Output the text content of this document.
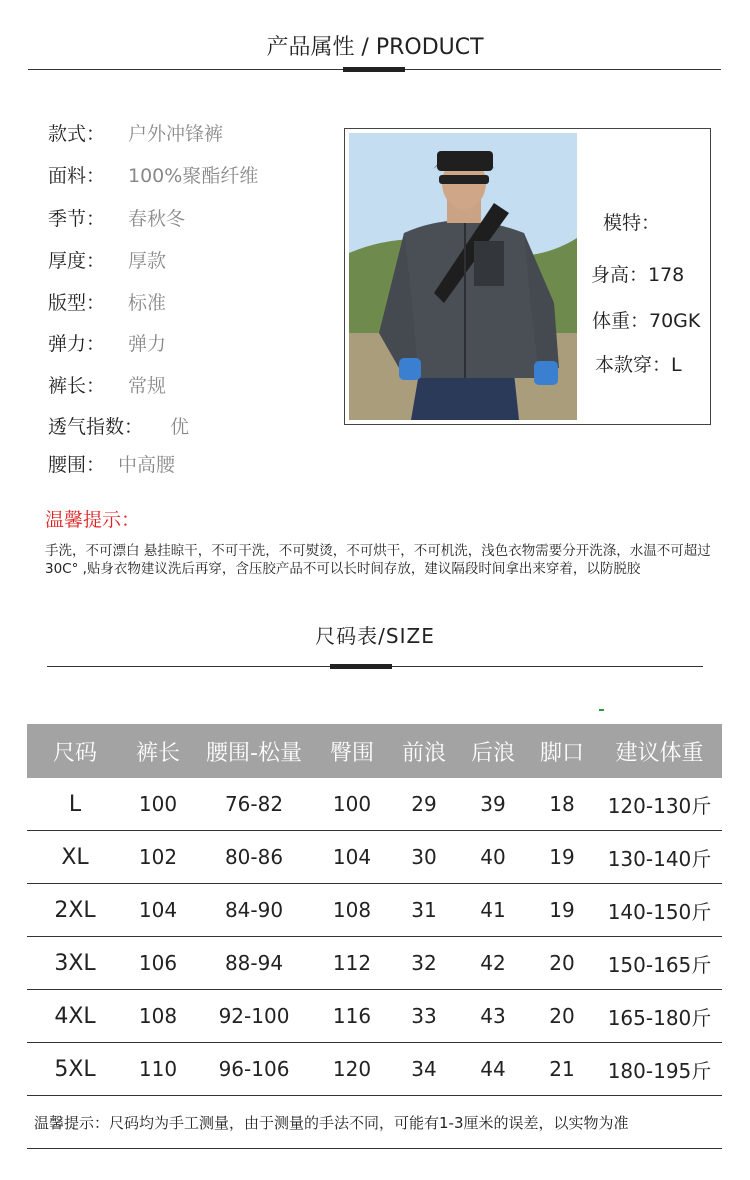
产品属性 / PRODUCT
款式： 户外冲锋裤
面料： 100%聚酯纤维
季节： 春秋冬
厚度： 厚款
版型： 标准
弹力： 弹力
裤长： 常规
透气指数： 优
腰围： 中高腰
模特：
身高：178
体重：70GK
本款穿：L
温馨提示：
手洗，不可漂白 悬挂晾干，不可干洗，不可熨烫，不可烘干，不可机洗，浅色衣物需要分开洗涤，水温不可超过30C° ,贴身衣物建议洗后再穿，含压胶产品不可以长时间存放，建议隔段时间拿出来穿着，以防脱胶
尺码表/SIZE
尺码	裤长	腰围-松量	臀围	前浪	后浪	脚口	建议体重
L	100	76-82	100	29	39	18	120-130斤
XL	102	80-86	104	30	40	19	130-140斤
2XL	104	84-90	108	31	41	19	140-150斤
3XL	106	88-94	112	32	42	20	150-165斤
4XL	108	92-100	116	33	43	20	165-180斤
5XL	110	96-106	120	34	44	21	180-195斤
温馨提示：尺码均为手工测量，由于测量的手法不同，可能有1-3厘米的误差，以实物为准
